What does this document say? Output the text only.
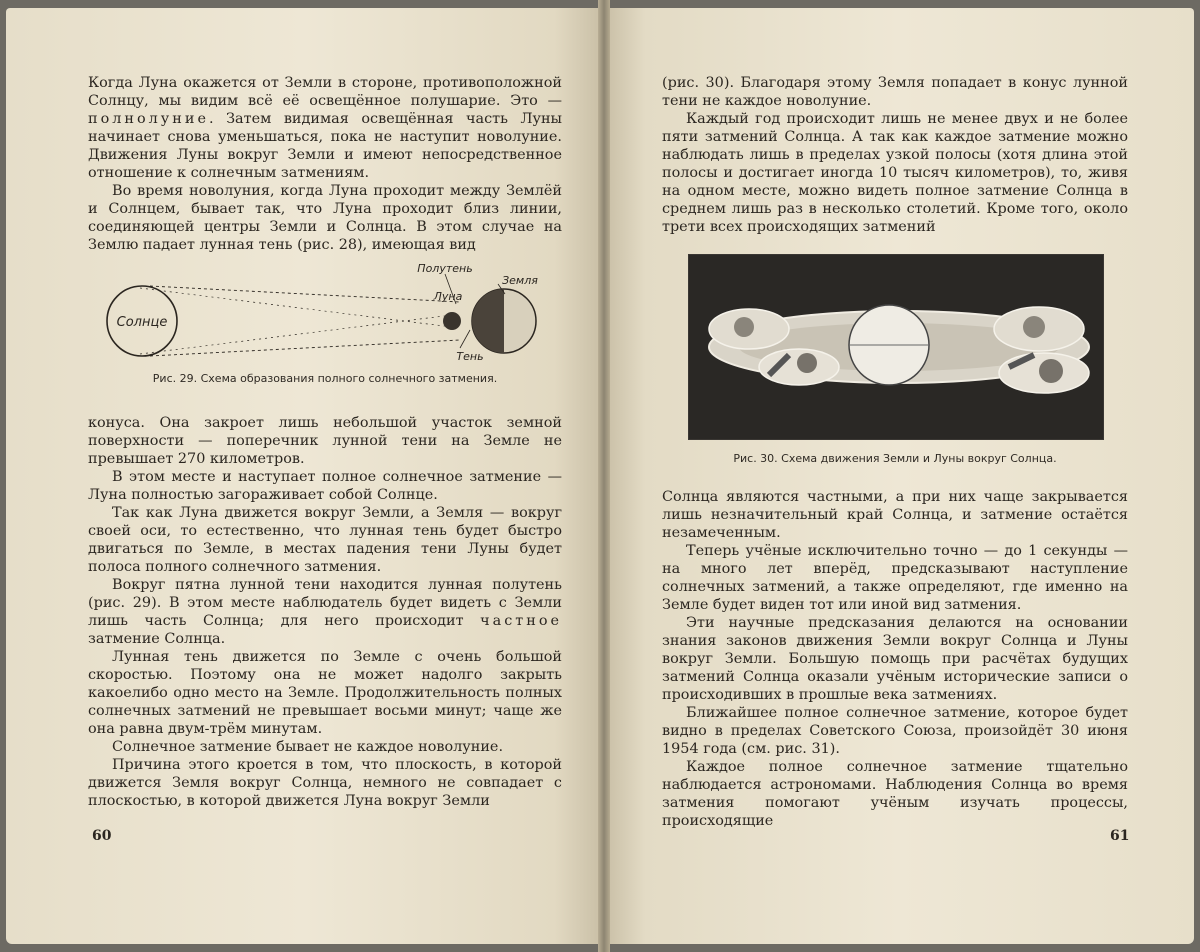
Когда Луна окажется от Земли в стороне, противоположной Солнцу, мы видим всё её освещённое полушарие. Это — полнолуние. Затем видимая освещённая часть Луны начинает снова уменьшаться, пока не наступит новолуние. Движения Луны вокруг Земли и имеют непосредственное отношение к солнечным затмениям.

Во время новолуния, когда Луна проходит между Землёй и Солнцем, бывает так, что Луна проходит близ линии, соединяющей центры Земли и Солнца. В этом случае на Землю падает лунная тень (рис. 28), имеющая вид

Солнце
Луна
Полутень
Земля
Тень
Рис. 29. Схема образования полного солнечного затмения.

конуса. Она закроет лишь небольшой участок земной поверхности — поперечник лунной тени на Земле не превышает 270 километров.

В этом месте и наступает полное солнечное затмение — Луна полностью загораживает собой Солнце.

Так как Луна движется вокруг Земли, а Земля — вокруг своей оси, то естественно, что лунная тень будет быстро двигаться по Земле, в местах падения тени Луны будет полоса полного солнечного затмения.

Вокруг пятна лунной тени находится лунная полутень (рис. 29). В этом месте наблюдатель будет видеть с Земли лишь часть Солнца; для него происходит частное затмение Солнца.

Лунная тень движется по Земле с очень большой скоростью. Поэтому она не может надолго закрыть какоелибо одно место на Земле. Продолжительность полных солнечных затмений не превышает восьми минут; чаще же она равна двум-трём минутам.

Солнечное затмение бывает не каждое новолуние.

Причина этого кроется в том, что плоскость, в которой движется Земля вокруг Солнца, немного не совпадает с плоскостью, в которой движется Луна вокруг Земли

60

(рис. 30). Благодаря этому Земля попадает в конус лунной тени не каждое новолуние.

Каждый год происходит лишь не менее двух и не более пяти затмений Солнца. А так как каждое затмение можно наблюдать лишь в пределах узкой полосы (хотя длина этой полосы и достигает иногда 10 тысяч километров), то, живя на одном месте, можно видеть полное затмение Солнца в среднем лишь раз в несколько столетий. Кроме того, около трети всех происходящих затмений

Рис. 30. Схема движения Земли и Луны вокруг Солнца.

Солнца являются частными, а при них чаще закрывается лишь незначительный край Солнца, и затмение остаётся незамеченным.

Теперь учёные исключительно точно — до 1 секунды — на много лет вперёд, предсказывают наступление солнечных затмений, а также определяют, где именно на Земле будет виден тот или иной вид затмения.

Эти научные предсказания делаются на основании знания законов движения Земли вокруг Солнца и Луны вокруг Земли. Большую помощь при расчётах будущих затмений Солнца оказали учёным исторические записи о происходивших в прошлые века затмениях.

Ближайшее полное солнечное затмение, которое будет видно в пределах Советского Союза, произойдёт 30 июня 1954 года (см. рис. 31).

Каждое полное солнечное затмение тщательно наблюдается астрономами. Наблюдения Солнца во время затмения помогают учёным изучать процессы, происходящие

61
